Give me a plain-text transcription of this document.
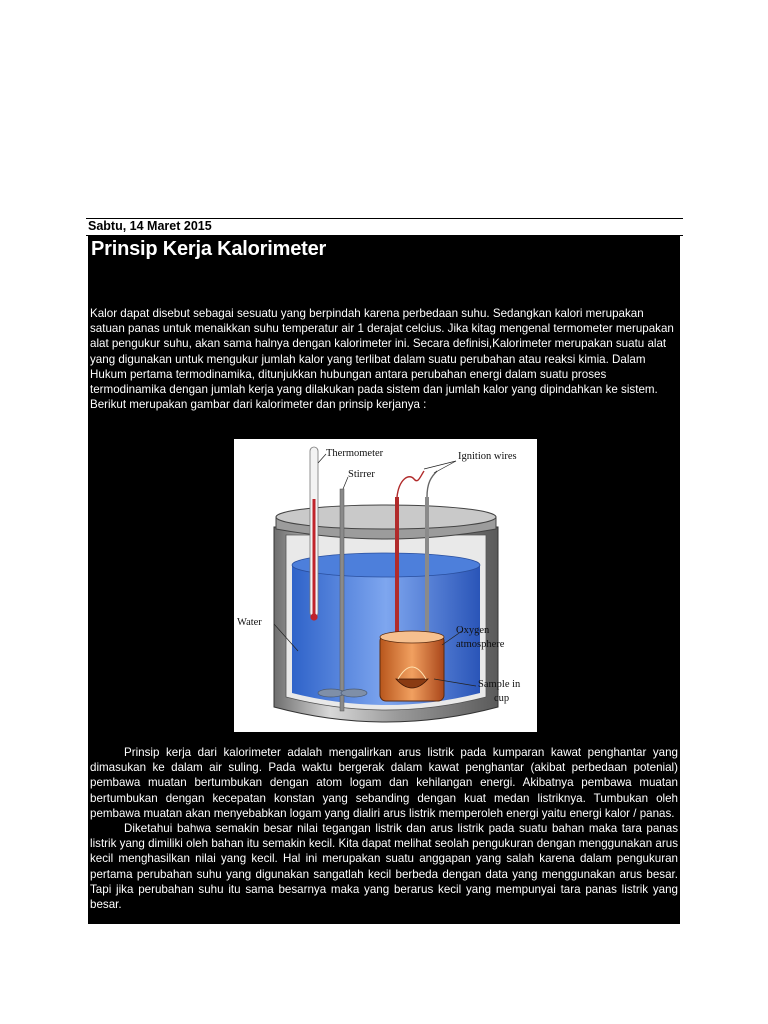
Sabtu, 14 Maret 2015
Prinsip Kerja Kalorimeter
Kalor dapat disebut sebagai sesuatu yang berpindah karena perbedaan suhu. Sedangkan kalori merupakan satuan panas untuk menaikkan suhu temperatur air 1 derajat celcius. Jika kitag mengenal termometer merupakan alat pengukur suhu, akan sama halnya dengan kalorimeter ini. Secara definisi,Kalorimeter merupakan suatu alat yang digunakan untuk mengukur jumlah kalor yang terlibat dalam suatu perubahan atau reaksi kimia. Dalam Hukum pertama termodinamika, ditunjukkan hubungan antara perubahan energi dalam suatu proses termodinamika dengan jumlah kerja yang dilakukan pada sistem dan jumlah kalor yang dipindahkan ke sistem.
Berikut merupakan gambar dari kalorimeter dan prinsip kerjanya :
Thermometer
Stirrer
Ignition wires
Water
Oxygen
atmosphere
Sample in
cup

Prinsip kerja dari kalorimeter adalah mengalirkan arus listrik pada kumparan kawat penghantar yang dimasukan ke dalam air suling. Pada waktu bergerak dalam kawat penghantar (akibat perbedaan potenial) pembawa muatan bertumbukan dengan atom logam dan kehilangan energi. Akibatnya pembawa muatan bertumbukan dengan kecepatan konstan yang sebanding dengan kuat medan listriknya. Tumbukan oleh pembawa muatan akan menyebabkan logam yang dialiri arus listrik memperoleh energi yaitu energi kalor / panas.

Diketahui bahwa semakin besar nilai tegangan listrik dan arus listrik pada suatu bahan maka tara panas listrik yang dimiliki oleh bahan itu semakin kecil. Kita dapat melihat seolah pengukuran dengan menggunakan arus kecil menghasilkan nilai yang kecil. Hal ini merupakan suatu anggapan yang salah karena dalam pengukuran pertama perubahan suhu yang digunakan sangatlah kecil berbeda dengan data yang menggunakan arus besar. Tapi jika perubahan suhu itu sama besarnya maka yang berarus kecil yang mempunyai tara panas listrik yang besar.
